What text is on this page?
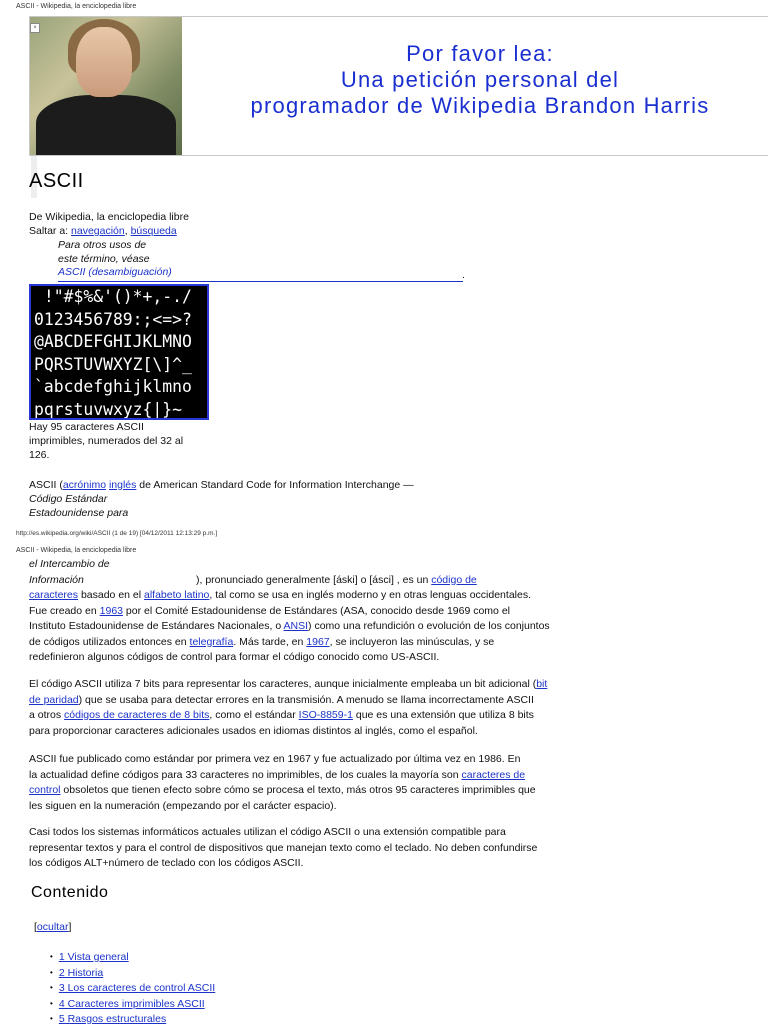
ASCII - Wikipedia, la enciclopedia libre
×
Por favor lea:
Una petición personal del
programador de Wikipedia Brandon Harris
ASCII
De Wikipedia, la enciclopedia libre
Saltar a: navegación, búsqueda
Para otros usos de
este término, véase
ASCII (desambiguación)	.
!"#$%&'()*+,-./
0123456789:;<=>?
@ABCDEFGHIJKLMNO
PQRSTUVWXYZ[\]^_
`abcdefghijklmno
pqrstuvwxyz{|}~
Hay 95 caracteres ASCII
imprimibles, numerados del 32 al
126.
ASCII (acrónimo inglés de American Standard Code for Information Interchange —
Código Estándar
Estadounidense para
http://es.wikipedia.org/wiki/ASCII (1 de 19) [04/12/2011 12:13:29 p.m.]
ASCII - Wikipedia, la enciclopedia libre
el Intercambio de
Información	), pronunciado generalmente [áski] o [ásci] , es un código de
caracteres basado en el alfabeto latino, tal como se usa en inglés moderno y en otras lenguas occidentales.
Fue creado en 1963 por el Comité Estadounidense de Estándares (ASA, conocido desde 1969 como el
Instituto Estadounidense de Estándares Nacionales, o ANSI) como una refundición o evolución de los conjuntos
de códigos utilizados entonces en telegrafía. Más tarde, en 1967, se incluyeron las minúsculas, y se
redefinieron algunos códigos de control para formar el código conocido como US-ASCII.
El código ASCII utiliza 7 bits para representar los caracteres, aunque inicialmente empleaba un bit adicional (bit
de paridad) que se usaba para detectar errores en la transmisión. A menudo se llama incorrectamente ASCII
a otros códigos de caracteres de 8 bits, como el estándar ISO-8859-1 que es una extensión que utiliza 8 bits
para proporcionar caracteres adicionales usados en idiomas distintos al inglés, como el español.
ASCII fue publicado como estándar por primera vez en 1967 y fue actualizado por última vez en 1986. En
la actualidad define códigos para 33 caracteres no imprimibles, de los cuales la mayoría son caracteres de
control obsoletos que tienen efecto sobre cómo se procesa el texto, más otros 95 caracteres imprimibles que
les siguen en la numeración (empezando por el carácter espacio).
Casi todos los sistemas informáticos actuales utilizan el código ASCII o una extensión compatible para
representar textos y para el control de dispositivos que manejan texto como el teclado. No deben confundirse
los códigos ALT+número de teclado con los códigos ASCII.
Contenido
[ocultar]
• 1 Vista general
• 2 Historia
• 3 Los caracteres de control ASCII
• 4 Caracteres imprimibles ASCII
• 5 Rasgos estructurales
